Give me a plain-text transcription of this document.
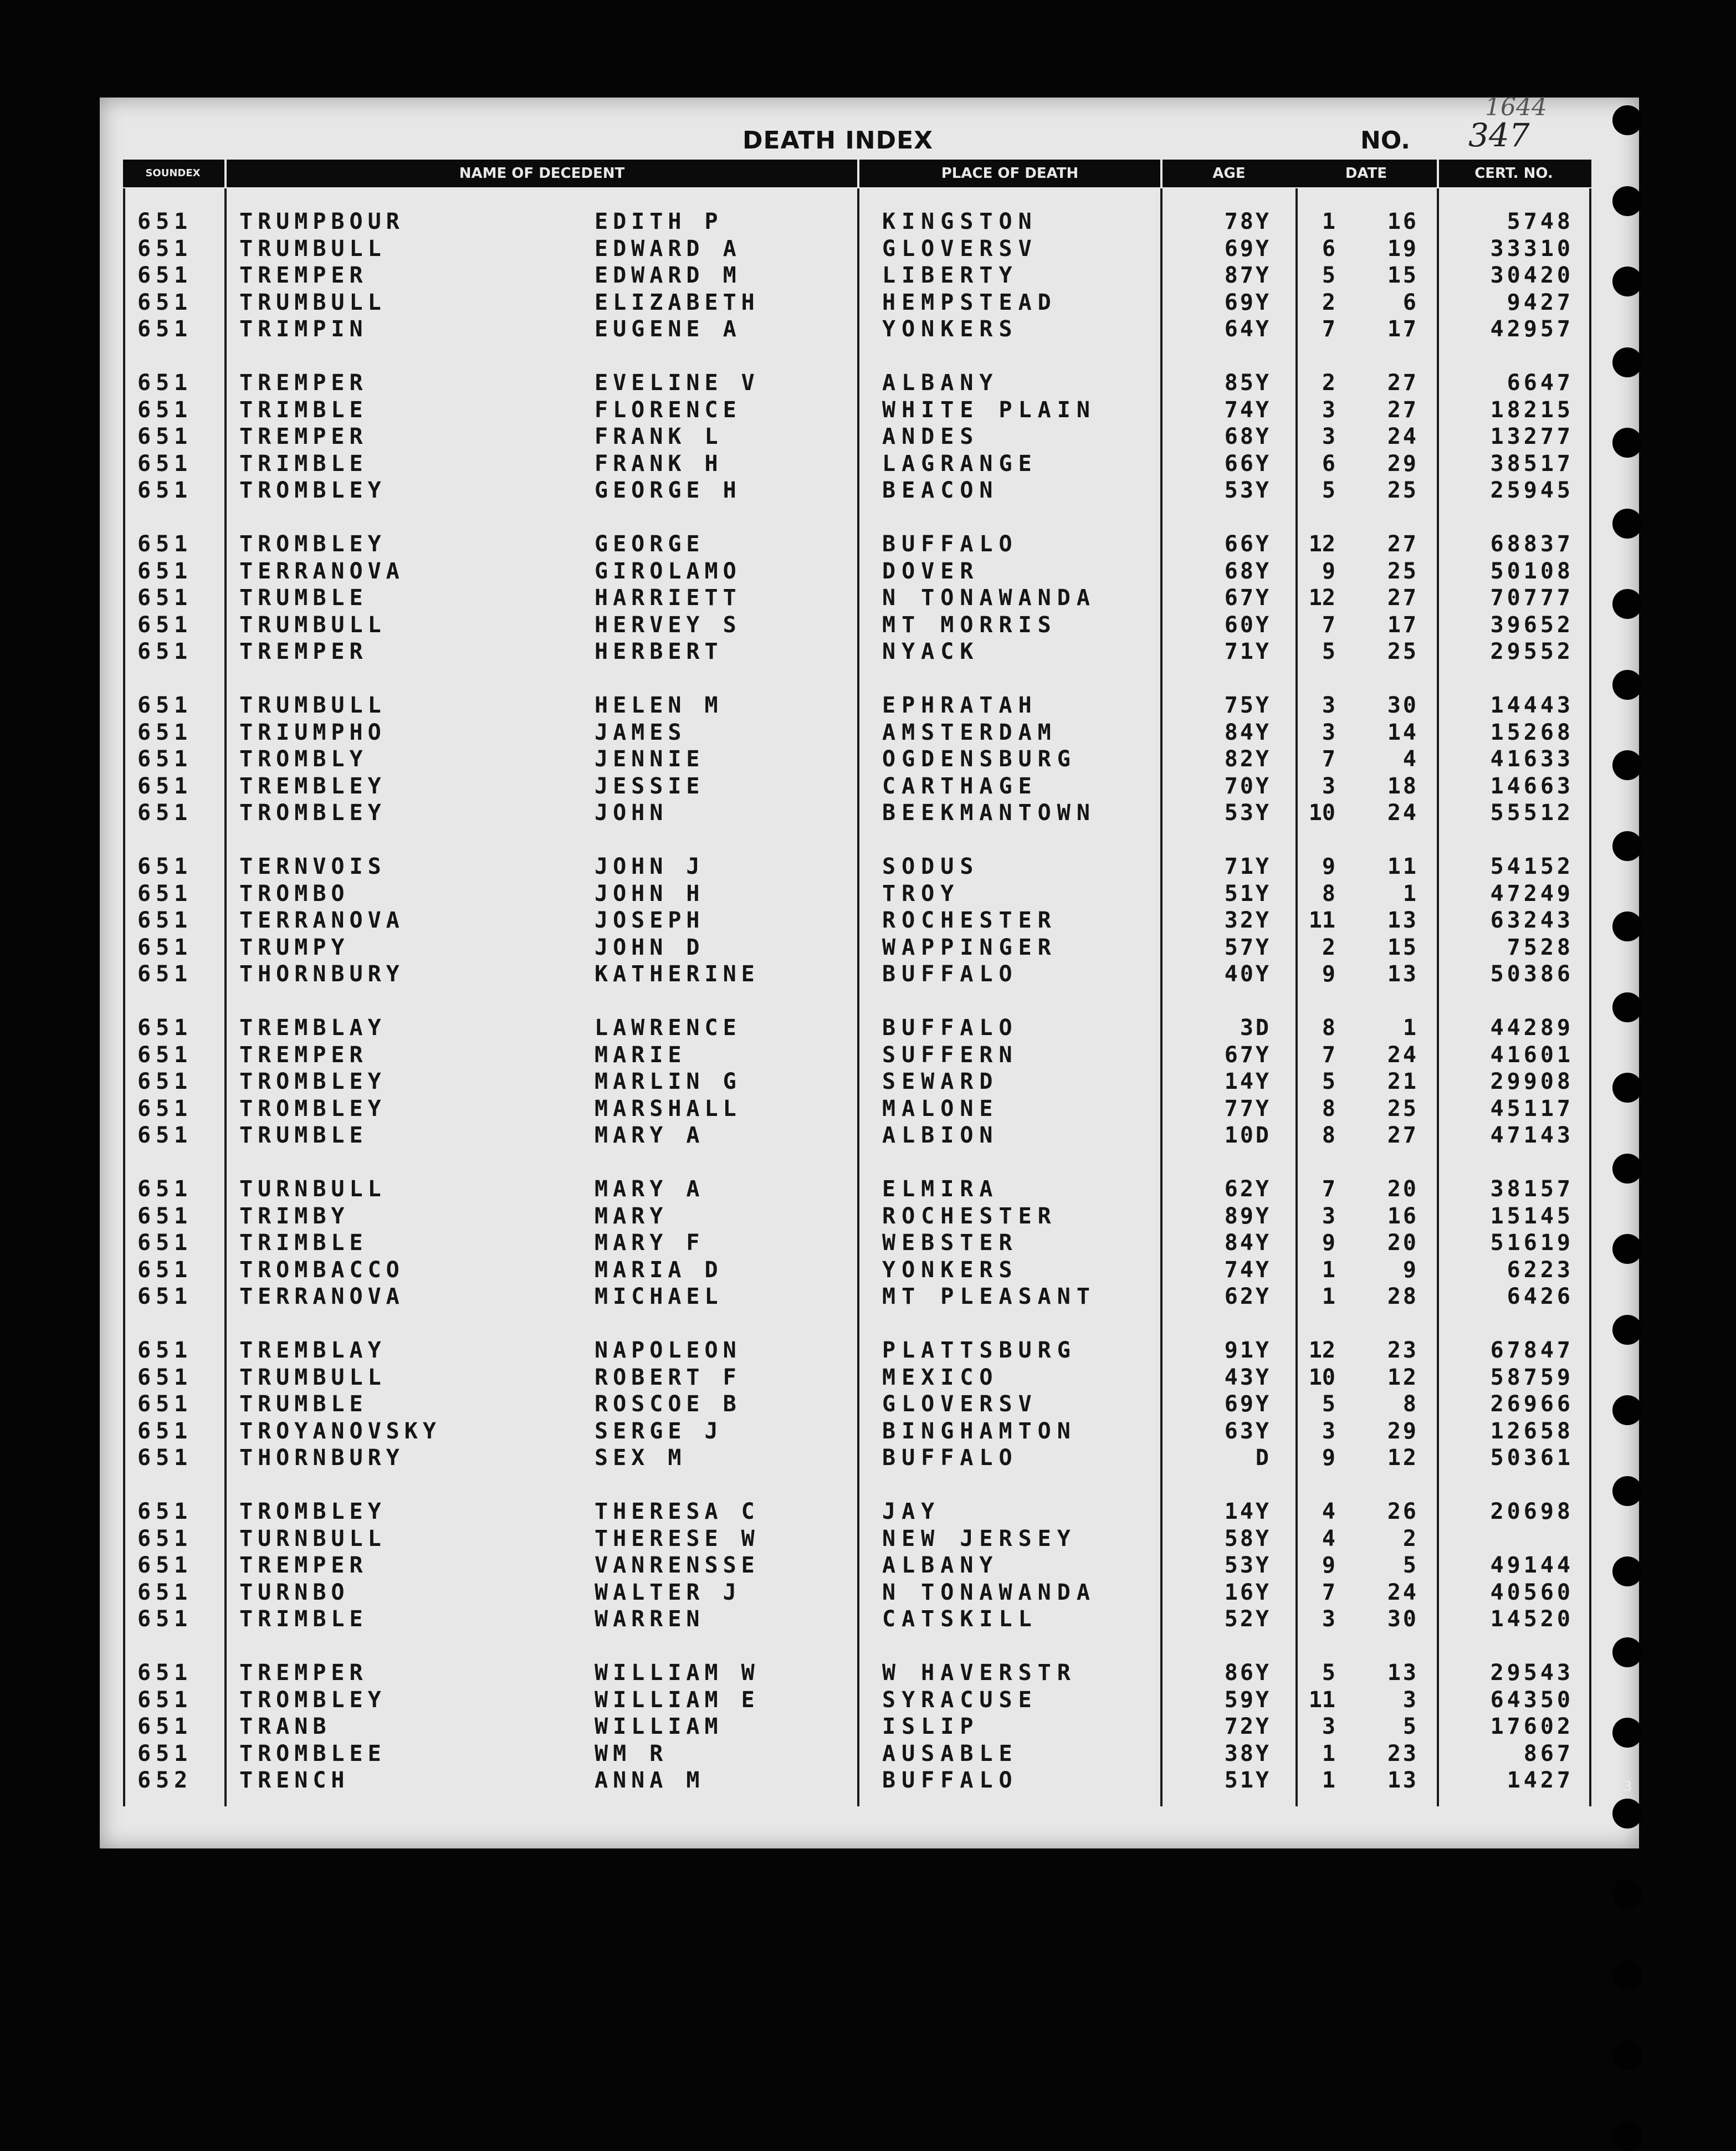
1644
DEATH INDEX	NO. 347
SOUNDEX	NAME OF DECEDENT	PLACE OF DEATH	AGE	DATE	CERT. NO.
651 TRUMPBOUR	EDITH P	KINGSTON	78Y	1	16	5748
651 TRUMBULL	EDWARD A	GLOVERSV	69Y	6	19	33310
651 TREMPER	EDWARD M	LIBERTY	87Y	5	15	30420
651 TRUMBULL	ELIZABETH	HEMPSTEAD	69Y	2	6	9427
651 TRIMPIN	EUGENE A	YONKERS	64Y	7	17	42957
651 TREMPER	EVELINE V	ALBANY	85Y	2	27	6647
651 TRIMBLE	FLORENCE	WHITE PLAIN	74Y	3	27	18215
651 TREMPER	FRANK L	ANDES	68Y	3	24	13277
651 TRIMBLE	FRANK H	LAGRANGE	66Y	6	29	38517
651 TROMBLEY	GEORGE H	BEACON	53Y	5	25	25945
651 TROMBLEY	GEORGE	BUFFALO	66Y	12	27	68837
651 TERRANOVA	GIROLAMO	DOVER	68Y	9	25	50108
651 TRUMBLE	HARRIETT	N TONAWANDA	67Y	12	27	70777
651 TRUMBULL	HERVEY S	MT MORRIS	60Y	7	17	39652
651 TREMPER	HERBERT	NYACK	71Y	5	25	29552
651 TRUMBULL	HELEN M	EPHRATAH	75Y	3	30	14443
651 TRIUMPHO	JAMES	AMSTERDAM	84Y	3	14	15268
651 TROMBLY	JENNIE	OGDENSBURG	82Y	7	4	41633
651 TREMBLEY	JESSIE	CARTHAGE	70Y	3	18	14663
651 TROMBLEY	JOHN	BEEKMANTOWN	53Y	10	24	55512
651 TERNVOIS	JOHN J	SODUS	71Y	9	11	54152
651 TROMBO	JOHN H	TROY	51Y	8	1	47249
651 TERRANOVA	JOSEPH	ROCHESTER	32Y	11	13	63243
651 TRUMPY	JOHN D	WAPPINGER	57Y	2	15	7528
651 THORNBURY	KATHERINE	BUFFALO	40Y	9	13	50386
651 TREMBLAY	LAWRENCE	BUFFALO	3D	8	1	44289
651 TREMPER	MARIE	SUFFERN	67Y	7	24	41601
651 TROMBLEY	MARLIN G	SEWARD	14Y	5	21	29908
651 TROMBLEY	MARSHALL	MALONE	77Y	8	25	45117
651 TRUMBLE	MARY A	ALBION	10D	8	27	47143
651 TURNBULL	MARY A	ELMIRA	62Y	7	20	38157
651 TRIMBY	MARY	ROCHESTER	89Y	3	16	15145
651 TRIMBLE	MARY F	WEBSTER	84Y	9	20	51619
651 TROMBACCO	MARIA D	YONKERS	74Y	1	9	6223
651 TERRANOVA	MICHAEL	MT PLEASANT	62Y	1	28	6426
651 TREMBLAY	NAPOLEON	PLATTSBURG	91Y	12	23	67847
651 TRUMBULL	ROBERT F	MEXICO	43Y	10	12	58759
651 TRUMBLE	ROSCOE B	GLOVERSV	69Y	5	8	26966
651 TROYANOVSKY	SERGE J	BINGHAMTON	63Y	3	29	12658
651 THORNBURY	SEX M	BUFFALO	D	9	12	50361
651 TROMBLEY	THERESA C	JAY	14Y	4	26	20698
651 TURNBULL	THERESE W	NEW JERSEY	58Y	4	2
651 TREMPER	VANRENSSE	ALBANY	53Y	9	5	49144
651 TURNBO	WALTER J	N TONAWANDA	16Y	7	24	40560
651 TRIMBLE	WARREN	CATSKILL	52Y	3	30	14520
651 TREMPER	WILLIAM W	W HAVERSTR	86Y	5	13	29543
651 TROMBLEY	WILLIAM E	SYRACUSE	59Y	11	3	64350
651 TRANB	WILLIAM	ISLIP	72Y	3	5	17602
651 TROMBLEE	WM R	AUSABLE	38Y	1	23	867
652 TRENCH	ANNA M	BUFFALO	51Y	1	13	1427	3
